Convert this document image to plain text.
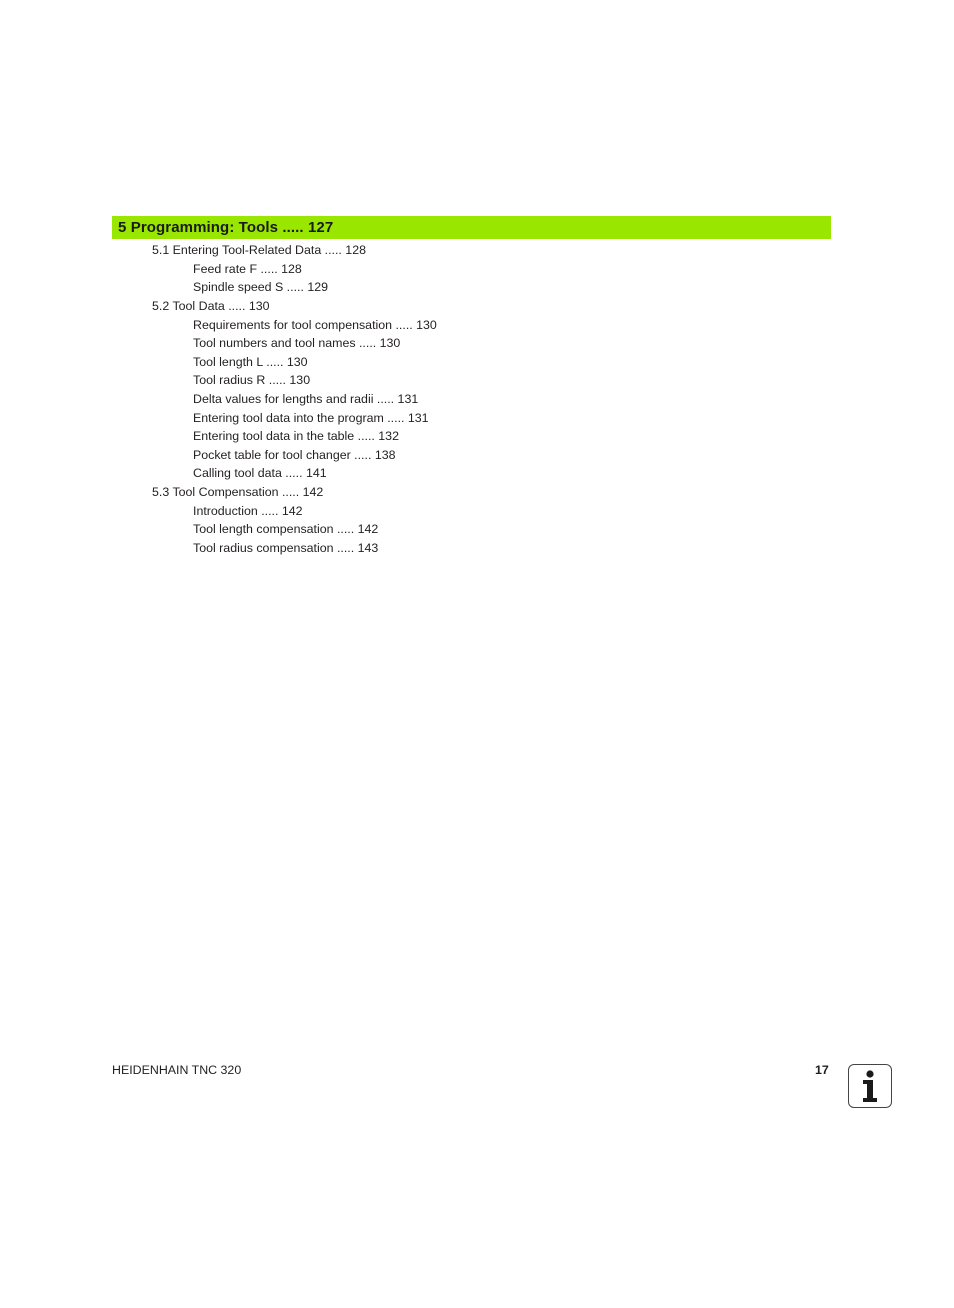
5 Programming: Tools ..... 127
5.1 Entering Tool-Related Data ..... 128
Feed rate F ..... 128
Spindle speed S ..... 129
5.2 Tool Data ..... 130
Requirements for tool compensation ..... 130
Tool numbers and tool names ..... 130
Tool length L ..... 130
Tool radius R ..... 130
Delta values for lengths and radii ..... 131
Entering tool data into the program ..... 131
Entering tool data in the table ..... 132
Pocket table for tool changer ..... 138
Calling tool data ..... 141
5.3 Tool Compensation ..... 142
Introduction ..... 142
Tool length compensation ..... 142
Tool radius compensation ..... 143
HEIDENHAIN TNC 320	17
